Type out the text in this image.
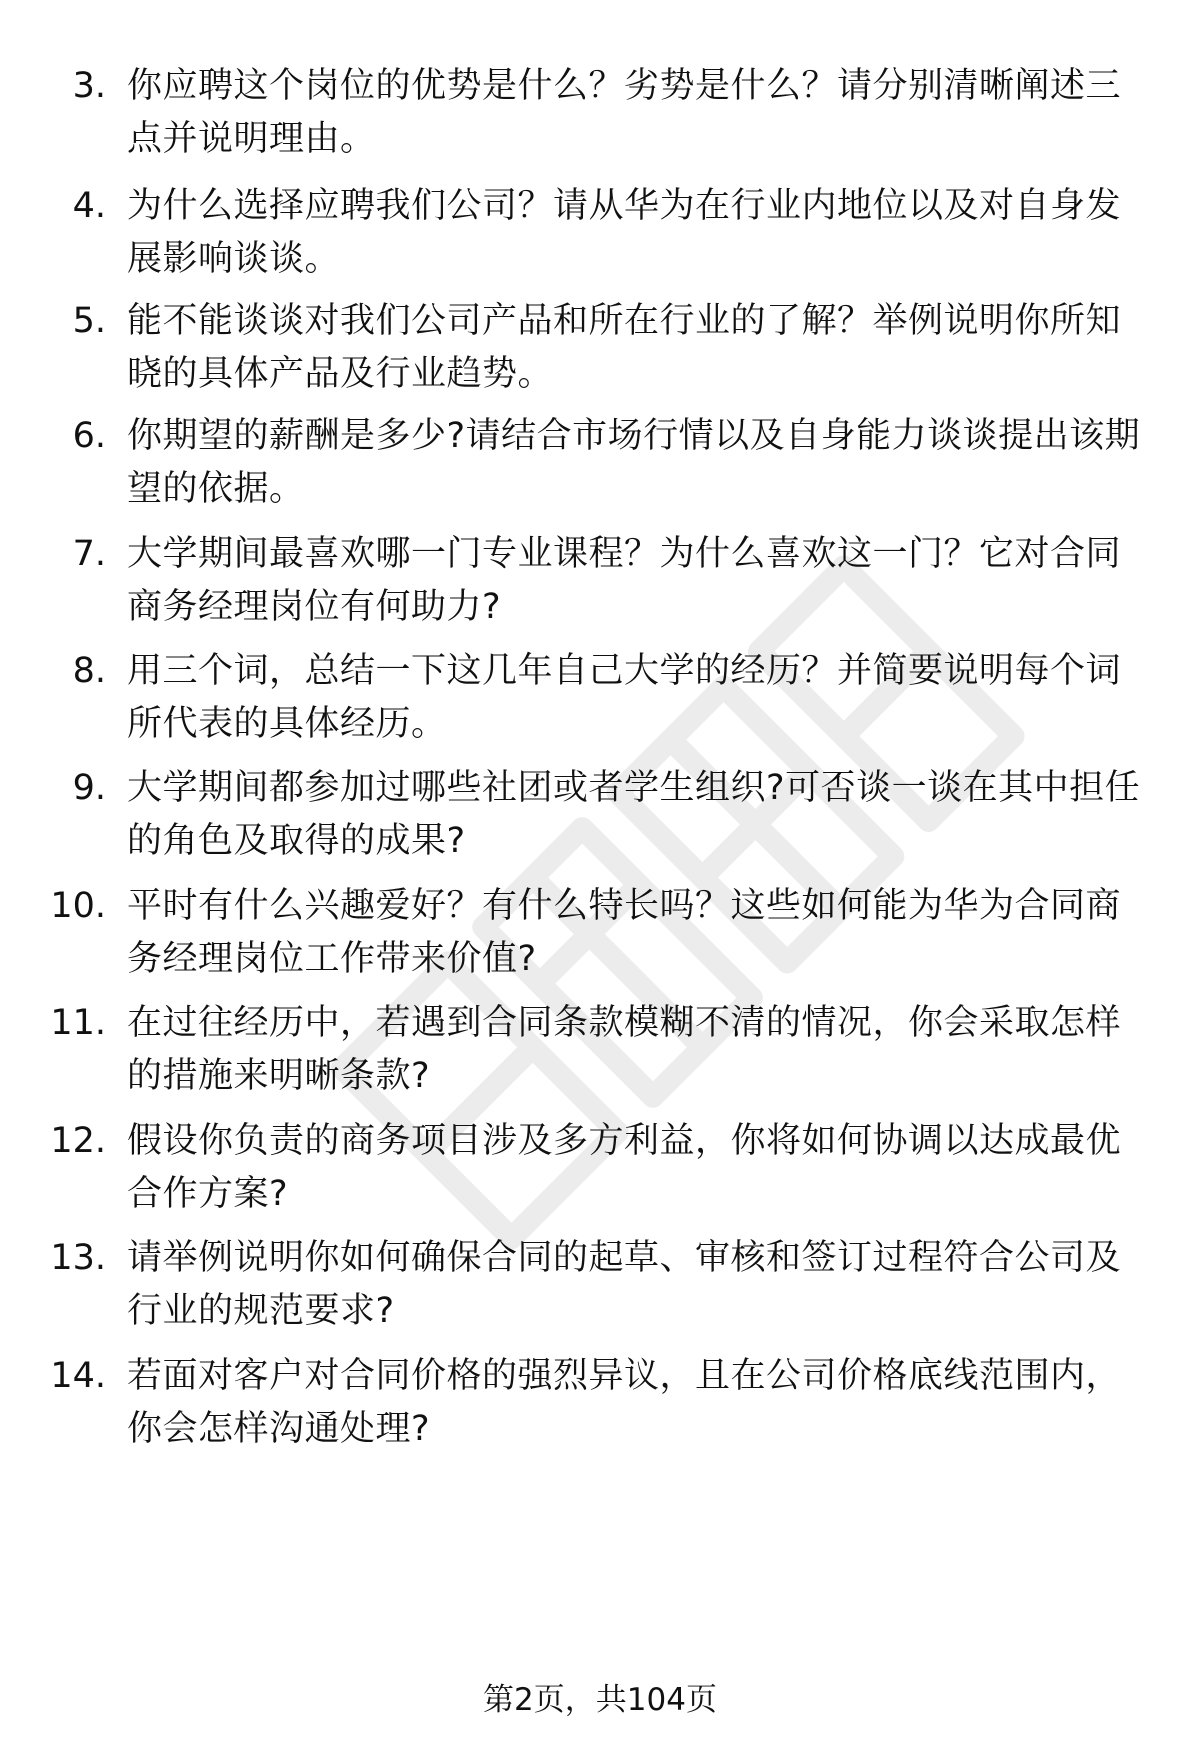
3. 你应聘这个岗位的优势是什么？劣势是什么？请分别清晰阐述三
点并说明理由。
4. 为什么选择应聘我们公司？请从华为在行业内地位以及对自身发
展影响谈谈。
5. 能不能谈谈对我们公司产品和所在行业的了解？举例说明你所知
晓的具体产品及行业趋势。
6. 你期望的薪酬是多少?请结合市场行情以及自身能力谈谈提出该期
望的依据。
7. 大学期间最喜欢哪一门专业课程？为什么喜欢这一门？它对合同
商务经理岗位有何助力?
8. 用三个词，总结一下这几年自己大学的经历？并简要说明每个词
所代表的具体经历。
9. 大学期间都参加过哪些社团或者学生组织?可否谈一谈在其中担任
的角色及取得的成果?
10. 平时有什么兴趣爱好？有什么特长吗？这些如何能为华为合同商
务经理岗位工作带来价值?
11. 在过往经历中，若遇到合同条款模糊不清的情况，你会采取怎样
的措施来明晰条款?
12. 假设你负责的商务项目涉及多方利益，你将如何协调以达成最优
合作方案?
13. 请举例说明你如何确保合同的起草、审核和签订过程符合公司及
行业的规范要求?
14. 若面对客户对合同价格的强烈异议，且在公司价格底线范围内，
你会怎样沟通处理?
第2页，共104页
